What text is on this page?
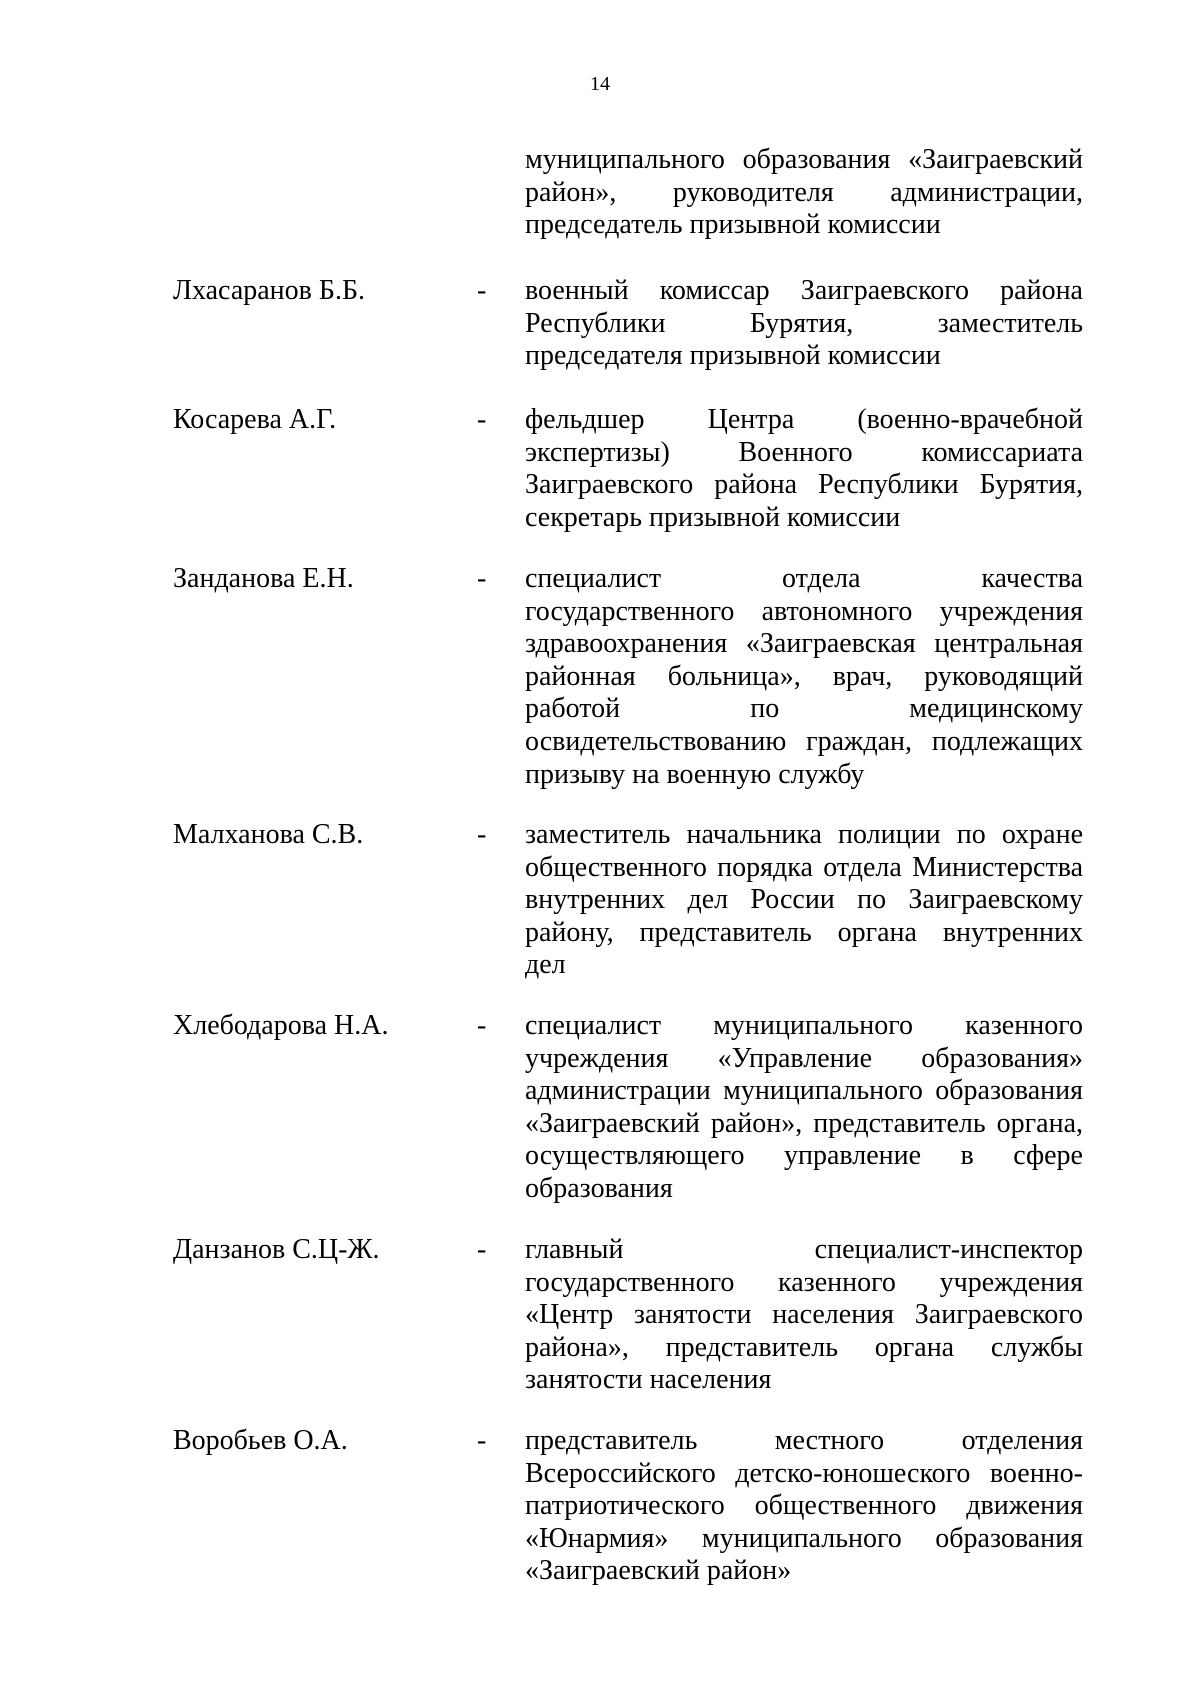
14
муниципального образования «Заиграевский
район», руководителя администрации,
председатель призывной комиссии
Лхасаранов Б.Б.	- военный комиссар Заиграевского района
Республики Бурятия, заместитель
председателя призывной комиссии
Косарева А.Г.	- фельдшер Центра (военно-врачебной
экспертизы) Военного комиссариата
Заиграевского района Республики Бурятия,
секретарь призывной комиссии
Занданова Е.Н.	- специалист отдела качества
государственного автономного учреждения
здравоохранения «Заиграевская центральная
районная больница», врач, руководящий
работой по медицинскому
освидетельствованию граждан, подлежащих
призыву на военную службу
Малханова С.В.	- заместитель начальника полиции по охране
общественного порядка отдела Министерства
внутренних дел России по Заиграевскому
району, представитель органа внутренних
дел
Хлебодарова Н.А.	- специалист муниципального казенного
учреждения «Управление образования»
администрации муниципального образования
«Заиграевский район», представитель органа,
осуществляющего управление в сфере
образования
Данзанов С.Ц-Ж.	- главный специалист-инспектор
государственного казенного учреждения
«Центр занятости населения Заиграевского
района», представитель органа службы
занятости населения
Воробьев О.А.	- представитель местного отделения
Всероссийского детско-юношеского военно-
патриотического общественного движения
«Юнармия» муниципального образования
«Заиграевский район»
